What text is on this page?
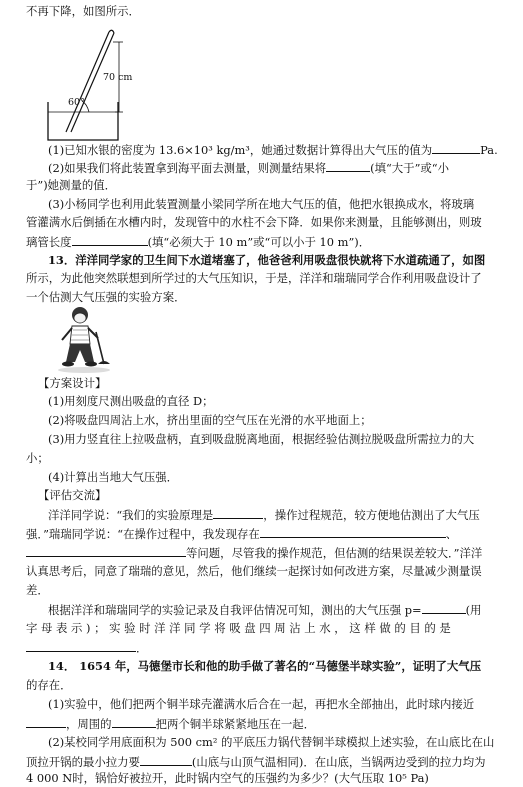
不再下降，如图所示．
70 cm
60°
(1)已知水银的密度为 13.6×10³ kg/m³，她通过数据计算得出大气压的值为	Pa.
(2)如果我们将此装置拿到海平面去测量，则测量结果将	(填“大于”或“小
于”)她测量的值．
(3)小杨同学也利用此装置测量小梁同学所在地大气压的值，他把水银换成水，将玻璃
管灌满水后倒插在水槽内时，发现管中的水柱不会下降．如果你来测量，且能够测出，则玻
璃管长度	(填“必须大于 10 m”或“可以小于 10 m”)．
13．洋洋同学家的卫生间下水道堵塞了，他爸爸利用吸盘很快就将下水道疏通了，如图
所示，为此他突然联想到所学过的大气压知识，于是，洋洋和瑞瑞同学合作利用吸盘设计了
一个估测大气压强的实验方案．
【方案设计】
(1)用刻度尺测出吸盘的直径 D；
(2)将吸盘四周沾上水，挤出里面的空气压在光滑的水平地面上；
(3)用力竖直往上拉吸盘柄，直到吸盘脱离地面，根据经验估测拉脱吸盘所需拉力的大
小；
(4)计算出当地大气压强．
【评估交流】
洋洋同学说：“我们的实验原理是	，操作过程规范，较方便地估测出了大气压
强．”瑞瑞同学说：“在操作过程中，我发现存在	、
等问题，尽管我的操作规范，但估测的结果误差较大．”洋洋
认真思考后，同意了瑞瑞的意见，然后，他们继续一起探讨如何改进方案，尽量减少测量误
差．
根据洋洋和瑞瑞同学的实验记录及自我评估情况可知，测出的大气压强 p=	(用
字 母 表 示 ) ； 实 验 时 洋 洋 同 学 将 吸 盘 四 周 沾 上 水 ， 这 样 做 的 目 的 是
．
14． 1654 年，马德堡市长和他的助手做了著名的“马德堡半球实验”，证明了大气压
的存在．
(1)实验中，他们把两个铜半球壳灌满水后合在一起，再把水全部抽出，此时球内接近
，周围的	把两个铜半球紧紧地压在一起．
(2)某校同学用底面积为 500 cm² 的平底压力锅代替铜半球模拟上述实验，在山底比在山
顶拉开锅的最小拉力要	(山底与山顶气温相同)．在山底，当锅两边受到的拉力均为
4 000 N时，锅恰好被拉开，此时锅内空气的压强约为多少？(大气压取 10⁵ Pa)
